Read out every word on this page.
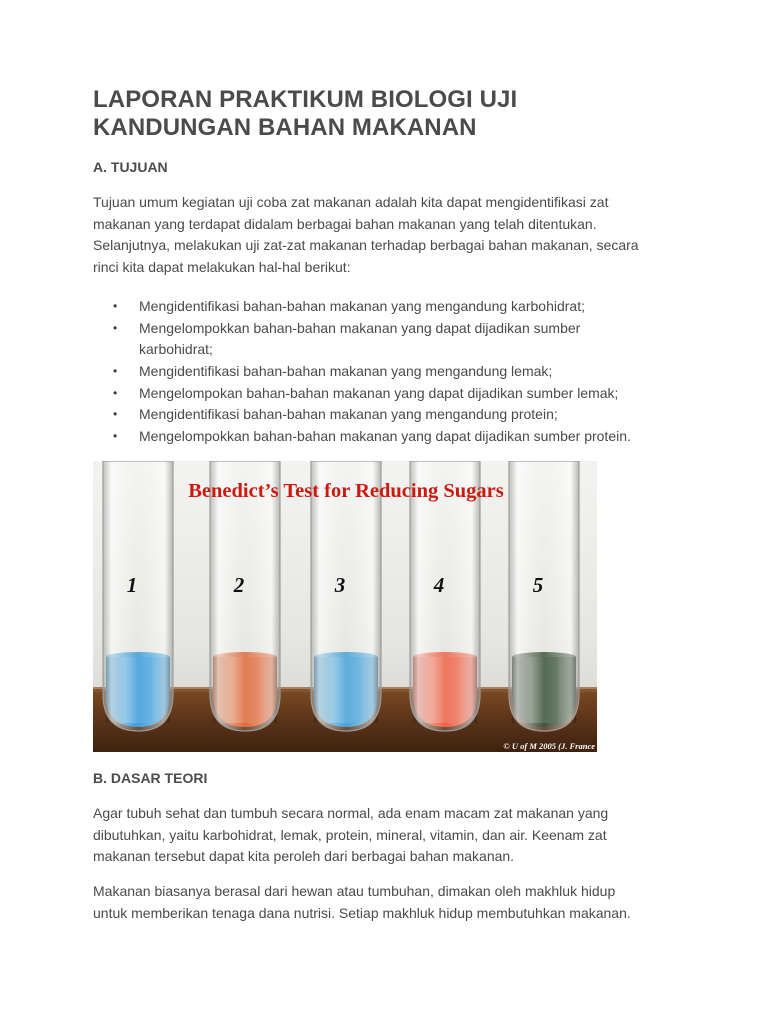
LAPORAN PRAKTIKUM BIOLOGI UJI
KANDUNGAN BAHAN MAKANAN
A. TUJUAN

Tujuan umum kegiatan uji coba zat makanan adalah kita dapat mengidentifikasi zat
makanan yang terdapat didalam berbagai bahan makanan yang telah ditentukan.
Selanjutnya, melakukan uji zat-zat makanan terhadap berbagai bahan makanan, secara
rinci kita dapat melakukan hal-hal berikut:

• Mengidentifikasi bahan-bahan makanan yang mengandung karbohidrat;
• Mengelompokkan bahan-bahan makanan yang dapat dijadikan sumber
karbohidrat;
• Mengidentifikasi bahan-bahan makanan yang mengandung lemak;
• Mengelompokan bahan-bahan makanan yang dapat dijadikan sumber lemak;
• Mengidentifikasi bahan-bahan makanan yang mengandung protein;
• Mengelompokkan bahan-bahan makanan yang dapat dijadikan sumber protein.
1	2	3	4	5
Benedict’s Test for Reducing Sugars
© U of M 2005 (J. France
B. DASAR TEORI

Agar tubuh sehat dan tumbuh secara normal, ada enam macam zat makanan yang
dibutuhkan, yaitu karbohidrat, lemak, protein, mineral, vitamin, dan air. Keenam zat
makanan tersebut dapat kita peroleh dari berbagai bahan makanan.

Makanan biasanya berasal dari hewan atau tumbuhan, dimakan oleh makhluk hidup
untuk memberikan tenaga dana nutrisi. Setiap makhluk hidup membutuhkan makanan.
